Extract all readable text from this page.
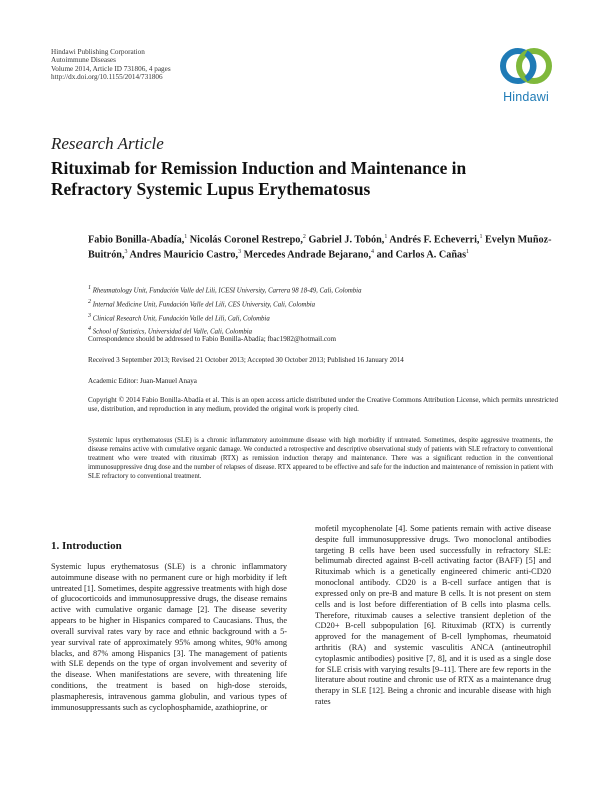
Hindawi Publishing Corporation
Autoimmune Diseases
Volume 2014, Article ID 731806, 4 pages
http://dx.doi.org/10.1155/2014/731806
Hindawi
Research Article
Rituximab for Remission Induction and Maintenance in Refractory Systemic Lupus Erythematosus
Fabio Bonilla-Abadía,$^1$ Nicolás Coronel Restrepo,$^2$ Gabriel J. Tobón,$^1$ Andrés F. Echeverri,$^1$ Evelyn Muñoz-Buitrón,$^3$ Andres Mauricio Castro,$^3$ Mercedes Andrade Bejarano,$^4$ and Carlos A. Cañas$^1$
$^1$ Rheumatology Unit, Fundación Valle del Lili, ICESI University, Carrera 98 18-49, Cali, Colombia
$^2$ Internal Medicine Unit, Fundación Valle del Lili, CES University, Cali, Colombia
$^3$ Clinical Research Unit, Fundación Valle del Lili, Cali, Colombia
$^4$ School of Statistics, Universidad del Valle, Cali, Colombia
Correspondence should be addressed to Fabio Bonilla-Abadía; fbac1982@hotmail.com
Received 3 September 2013; Revised 21 October 2013; Accepted 30 October 2013; Published 16 January 2014
Academic Editor: Juan-Manuel Anaya
Copyright © 2014 Fabio Bonilla-Abadía et al. This is an open access article distributed under the Creative Commons Attribution License, which permits unrestricted use, distribution, and reproduction in any medium, provided the original work is properly cited.
Systemic lupus erythematosus (SLE) is a chronic inflammatory autoimmune disease with high morbidity if untreated. Sometimes, despite aggressive treatments, the disease remains active with cumulative organic damage. We conducted a retrospective and descriptive observational study of patients with SLE refractory to conventional treatment who were treated with rituximab (RTX) as remission induction therapy and maintenance. There was a significant reduction in the conventional immunosuppressive drug dose and the number of relapses of disease. RTX appeared to be effective and safe for the induction and maintenance of remission in patient with SLE refractory to conventional treatment.
1. Introduction

Systemic lupus erythematosus (SLE) is a chronic inflammatory autoimmune disease with no permanent cure or high morbidity if left untreated [1]. Sometimes, despite aggressive treatments with high dose of glucocorticoids and immunosuppressive drugs, the disease remains active with cumulative organic damage [2]. The disease severity appears to be higher in Hispanics compared to Caucasians. Thus, the overall survival rates vary by race and ethnic background with a 5-year survival rate of approximately 95% among whites, 90% among blacks, and 87% among Hispanics [3]. The management of patients with SLE depends on the type of organ involvement and severity of the disease. When manifestations are severe, with threatening life conditions, the treatment is based on high-dose steroids, plasmapheresis, intravenous gamma globulin, and various types of immunosuppressants such as cyclophosphamide, azathioprine, or

mofetil mycophenolate [4]. Some patients remain with active disease despite full immunosuppressive drugs. Two monoclonal antibodies targeting B cells have been used successfully in refractory SLE: belimumab directed against B-cell activating factor (BAFF) [5] and Rituximab which is a genetically engineered chimeric anti-CD20 monoclonal antibody. CD20 is a B-cell surface antigen that is expressed only on pre-B and mature B cells. It is not present on stem cells and is lost before differentiation of B cells into plasma cells. Therefore, rituximab causes a selective transient depletion of the CD20+ B-cell subpopulation [6]. Rituximab (RTX) is currently approved for the management of B-cell lymphomas, rheumatoid arthritis (RA) and systemic vasculitis ANCA (antineutrophil cytoplasmic antibodies) positive [7, 8], and it is used as a single dose for SLE crisis with varying results [9–11]. There are few reports in the literature about routine and chronic use of RTX as a maintenance drug therapy in SLE [12]. Being a chronic and incurable disease with high rates
